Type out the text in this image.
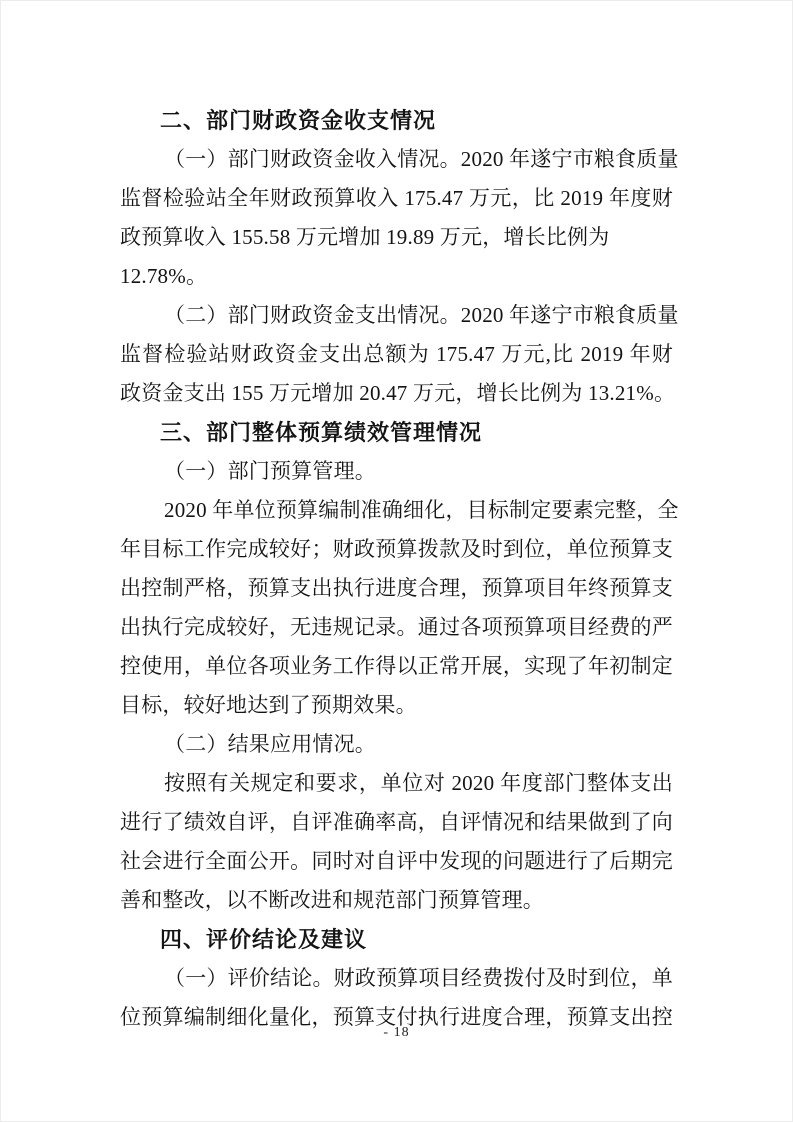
二、部门财政资金收支情况
（一）部门财政资金收入情况。2020 年遂宁市粮食质量
监督检验站全年财政预算收入 175.47 万元，比 2019 年度财
政预算收入 155.58 万元增加 19.89 万元，增长比例为
12.78%。
（二）部门财政资金支出情况。2020 年遂宁市粮食质量
监督检验站财政资金支出总额为 175.47 万元,比 2019 年财
政资金支出 155 万元增加 20.47 万元，增长比例为 13.21%。
三、部门整体预算绩效管理情况
（一）部门预算管理。
2020 年单位预算编制准确细化，目标制定要素完整，全
年目标工作完成较好；财政预算拨款及时到位，单位预算支
出控制严格，预算支出执行进度合理，预算项目年终预算支
出执行完成较好，无违规记录。通过各项预算项目经费的严
控使用，单位各项业务工作得以正常开展，实现了年初制定
目标，较好地达到了预期效果。
（二）结果应用情况。
按照有关规定和要求，单位对 2020 年度部门整体支出
进行了绩效自评，自评准确率高，自评情况和结果做到了向
社会进行全面公开。同时对自评中发现的问题进行了后期完
善和整改，以不断改进和规范部门预算管理。
四、评价结论及建议
（一）评价结论。财政预算项目经费拨付及时到位，单
位预算编制细化量化，预算支付执行进度合理，预算支出控
- 18
